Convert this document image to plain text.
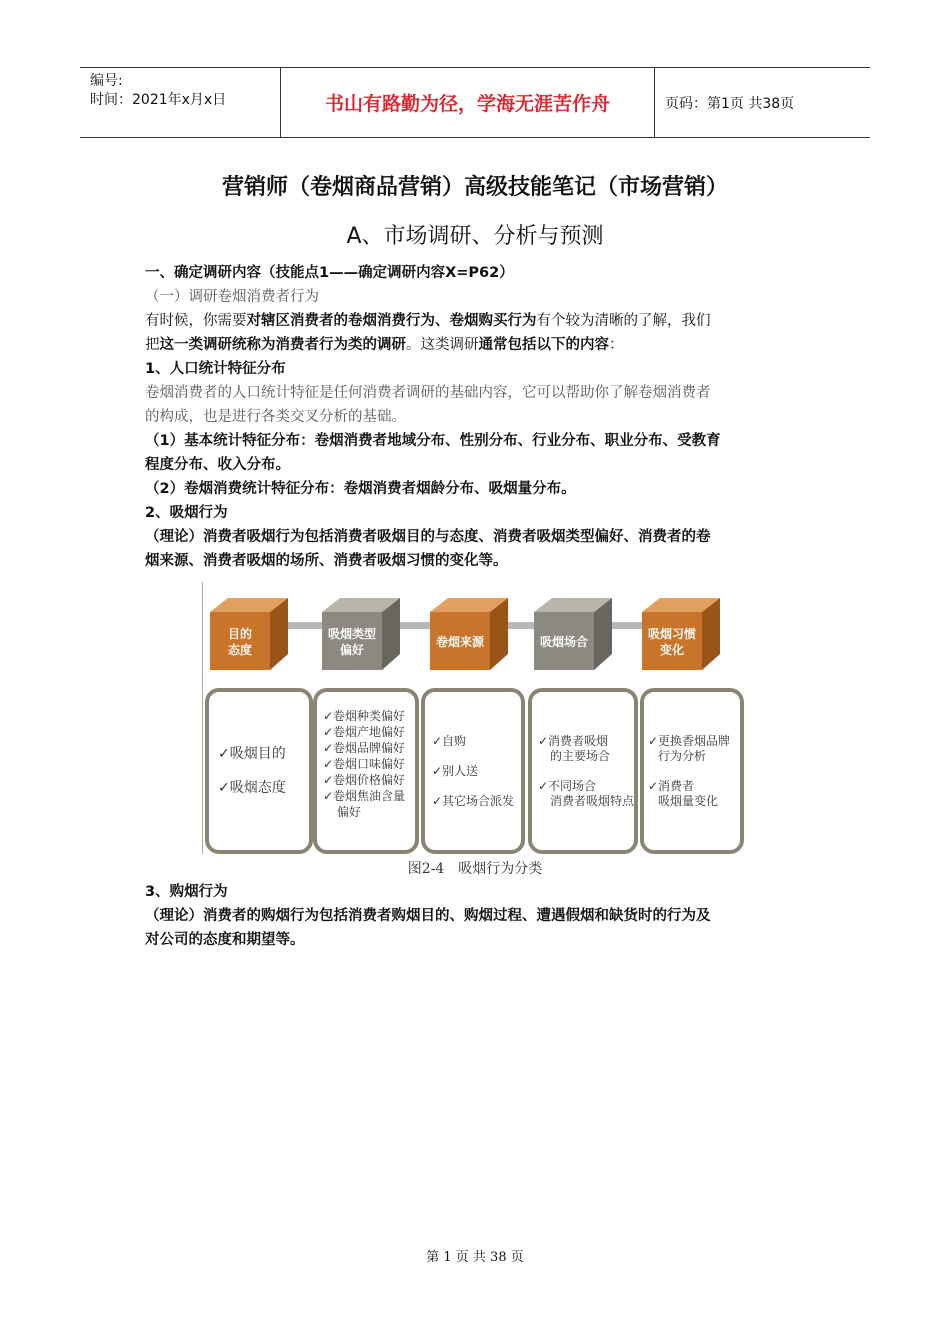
编号:
时间：2021年x月x日	书山有路勤为径，学海无涯苦作舟	页码：第1页 共38页
营销师（卷烟商品营销）高级技能笔记（市场营销）
A、市场调研、分析与预测

一、确定调研内容（技能点1——确定调研内容X=P62）

（一）调研卷烟消费者行为

有时候，你需要对辖区消费者的卷烟消费行为、卷烟购买行为有个较为清晰的了解，我们

把这一类调研统称为消费者行为类的调研。这类调研通常包括以下的内容：

1、人口统计特征分布

卷烟消费者的人口统计特征是任何消费者调研的基础内容，它可以帮助你了解卷烟消费者

的构成，也是进行各类交叉分析的基础。

（1）基本统计特征分布：卷烟消费者地域分布、性别分布、行业分布、职业分布、受教育

程度分布、收入分布。

（2）卷烟消费统计特征分布：卷烟消费者烟龄分布、吸烟量分布。

2、吸烟行为

（理论）消费者吸烟行为包括消费者吸烟目的与态度、消费者吸烟类型偏好、消费者的卷

烟来源、消费者吸烟的场所、消费者吸烟习惯的变化等。

目的
态度
吸烟类型
偏好
卷烟来源	吸烟场合
吸烟习惯
变化
✓吸烟目的
✓吸烟态度
✓卷烟种类偏好
✓卷烟产地偏好
✓卷烟品牌偏好
✓卷烟口味偏好
✓卷烟价格偏好
✓卷烟焦油含量
偏好
✓自购
✓别人送
✓其它场合派发
✓消费者吸烟
的主要场合
✓不同场合
消费者吸烟特点
✓更换香烟品牌
行为分析
✓消费者
吸烟量变化
图2-4　吸烟行为分类

3、购烟行为

（理论）消费者的购烟行为包括消费者购烟目的、购烟过程、遭遇假烟和缺货时的行为及

对公司的态度和期望等。

第 1 页 共 38 页
